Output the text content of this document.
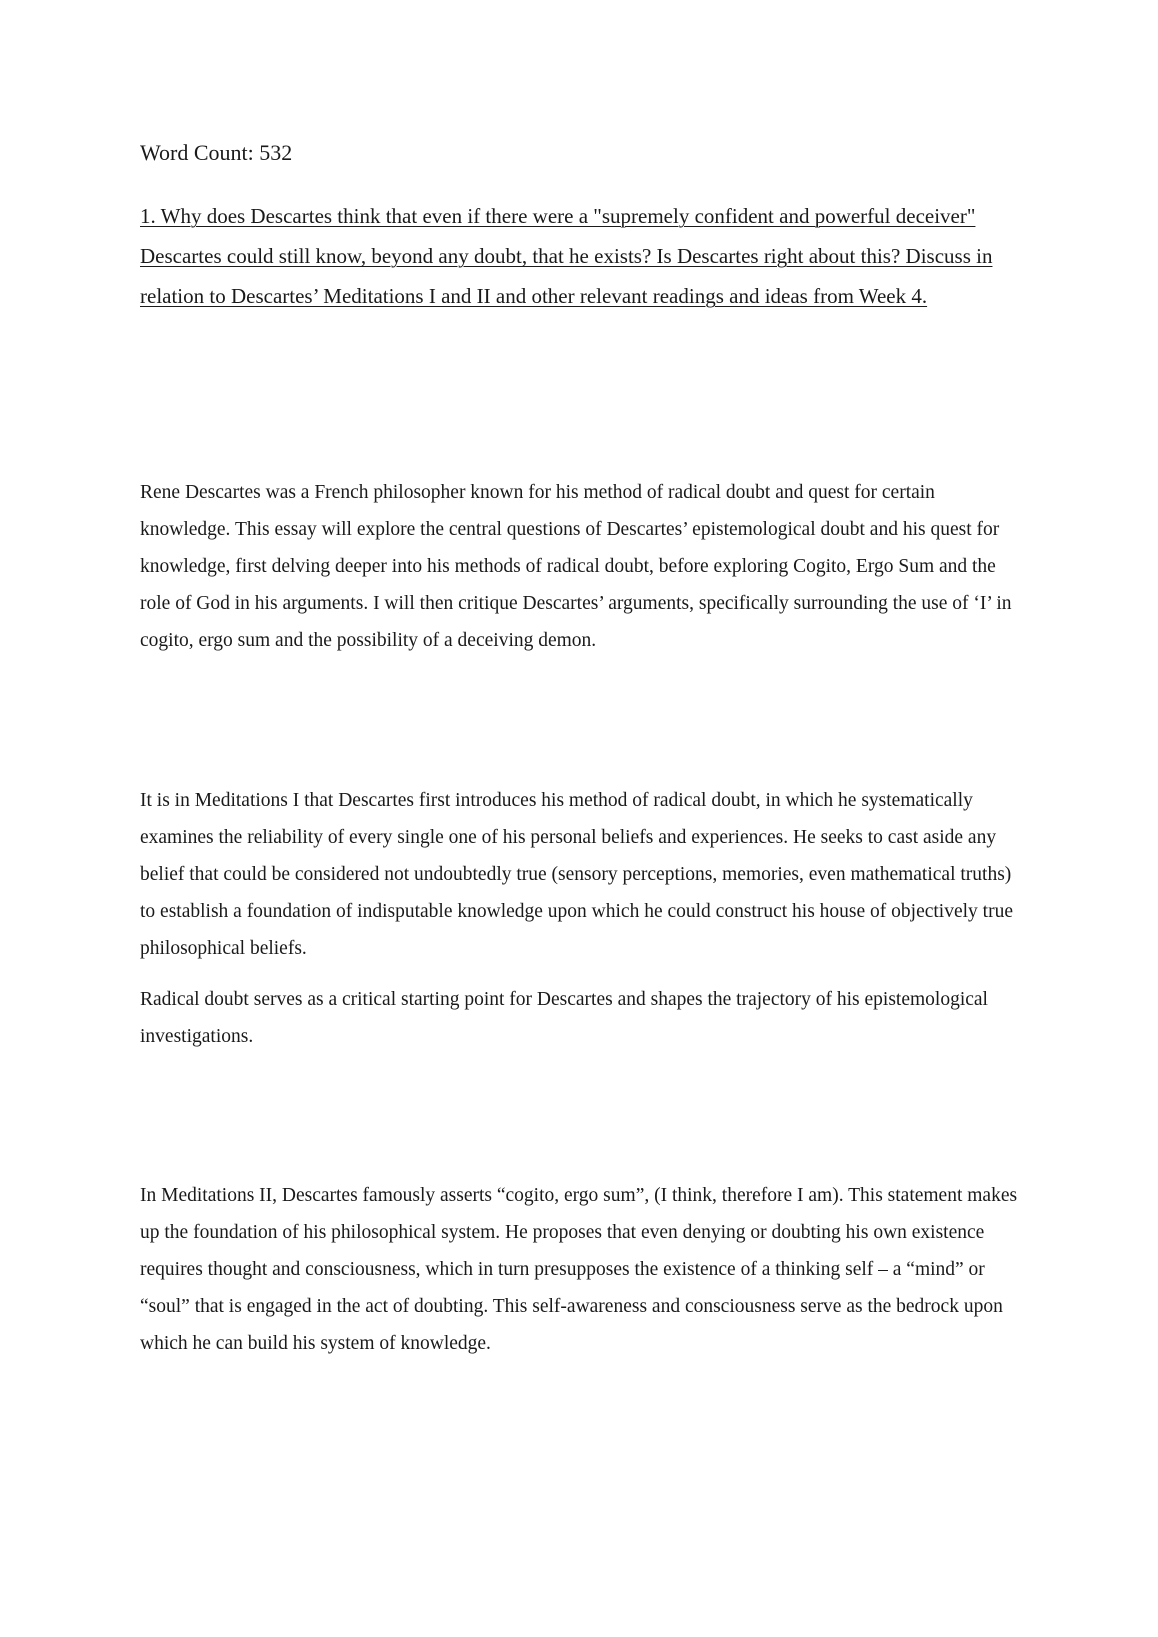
Word Count: 532

1. Why does Descartes think that even if there were a "supremely confident and powerful deceiver" Descartes could still know, beyond any doubt, that he exists? Is Descartes right about this? Discuss in relation to Descartes’ Meditations I and II and other relevant readings and ideas from Week 4.

Rene Descartes was a French philosopher known for his method of radical doubt and quest for certain knowledge. This essay will explore the central questions of Descartes’ epistemological doubt and his quest for knowledge, first delving deeper into his methods of radical doubt, before exploring Cogito, Ergo Sum and the role of God in his arguments. I will then critique Descartes’ arguments, specifically surrounding the use of ‘I’ in cogito, ergo sum and the possibility of a deceiving demon.

It is in Meditations I that Descartes first introduces his method of radical doubt, in which he systematically examines the reliability of every single one of his personal beliefs and experiences. He seeks to cast aside any belief that could be considered not undoubtedly true (sensory perceptions, memories, even mathematical truths) to establish a foundation of indisputable knowledge upon which he could construct his house of objectively true philosophical beliefs.

Radical doubt serves as a critical starting point for Descartes and shapes the trajectory of his epistemological investigations.

In Meditations II, Descartes famously asserts “cogito, ergo sum”, (I think, therefore I am). This statement makes up the foundation of his philosophical system. He proposes that even denying or doubting his own existence requires thought and consciousness, which in turn presupposes the existence of a thinking self – a “mind” or “soul” that is engaged in the act of doubting. This self-awareness and consciousness serve as the bedrock upon which he can build his system of knowledge.
